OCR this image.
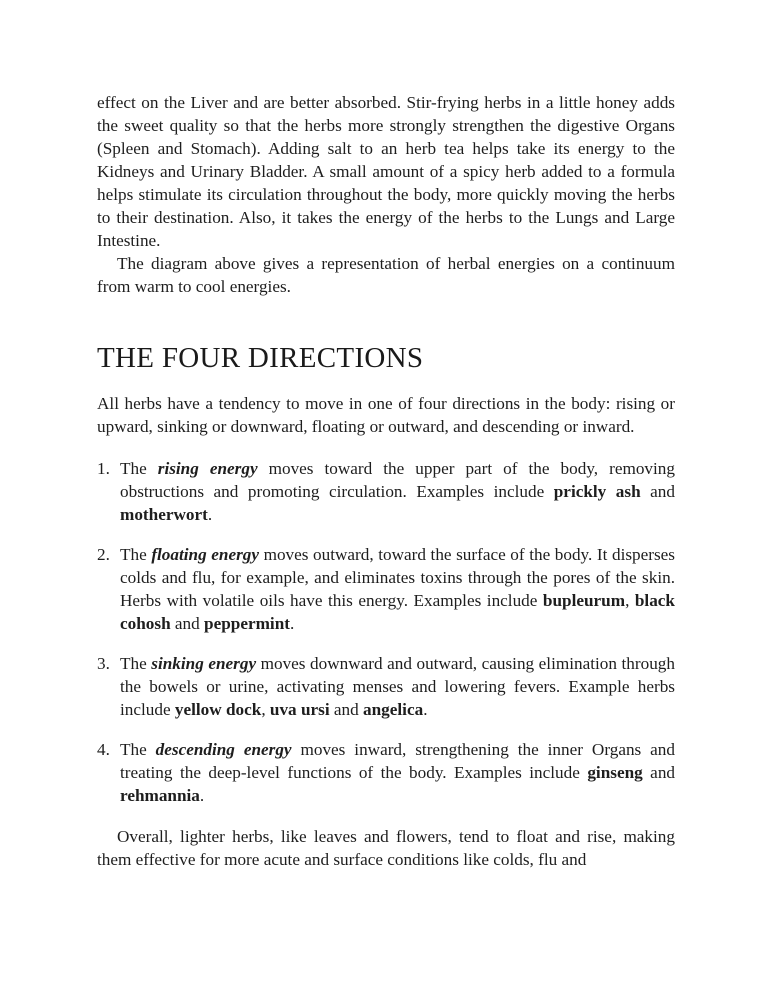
effect on the Liver and are better absorbed. Stir-frying herbs in a little honey adds the sweet quality so that the herbs more strongly strengthen the digestive Organs (Spleen and Stomach). Adding salt to an herb tea helps take its energy to the Kidneys and Urinary Bladder. A small amount of a spicy herb added to a formula helps stimulate its circulation throughout the body, more quickly moving the herbs to their destination. Also, it takes the energy of the herbs to the Lungs and Large Intestine.

The diagram above gives a representation of herbal energies on a continuum from warm to cool energies.

THE FOUR DIRECTIONS

All herbs have a tendency to move in one of four directions in the body: rising or upward, sinking or downward, floating or outward, and descending or inward.

1. The rising energy moves toward the upper part of the body, removing obstructions and promoting circulation. Examples include prickly ash and motherwort.
2. The floating energy moves outward, toward the surface of the body. It disperses colds and flu, for example, and eliminates toxins through the pores of the skin. Herbs with volatile oils have this energy. Examples include bupleurum, black cohosh and peppermint.
3. The sinking energy moves downward and outward, causing elimination through the bowels or urine, activating menses and lowering fevers. Example herbs include yellow dock, uva ursi and angelica.
4. The descending energy moves inward, strengthening the inner Organs and treating the deep-level functions of the body. Examples include ginseng and rehmannia.

Overall, lighter herbs, like leaves and flowers, tend to float and rise, making them effective for more acute and surface conditions like colds, flu and
